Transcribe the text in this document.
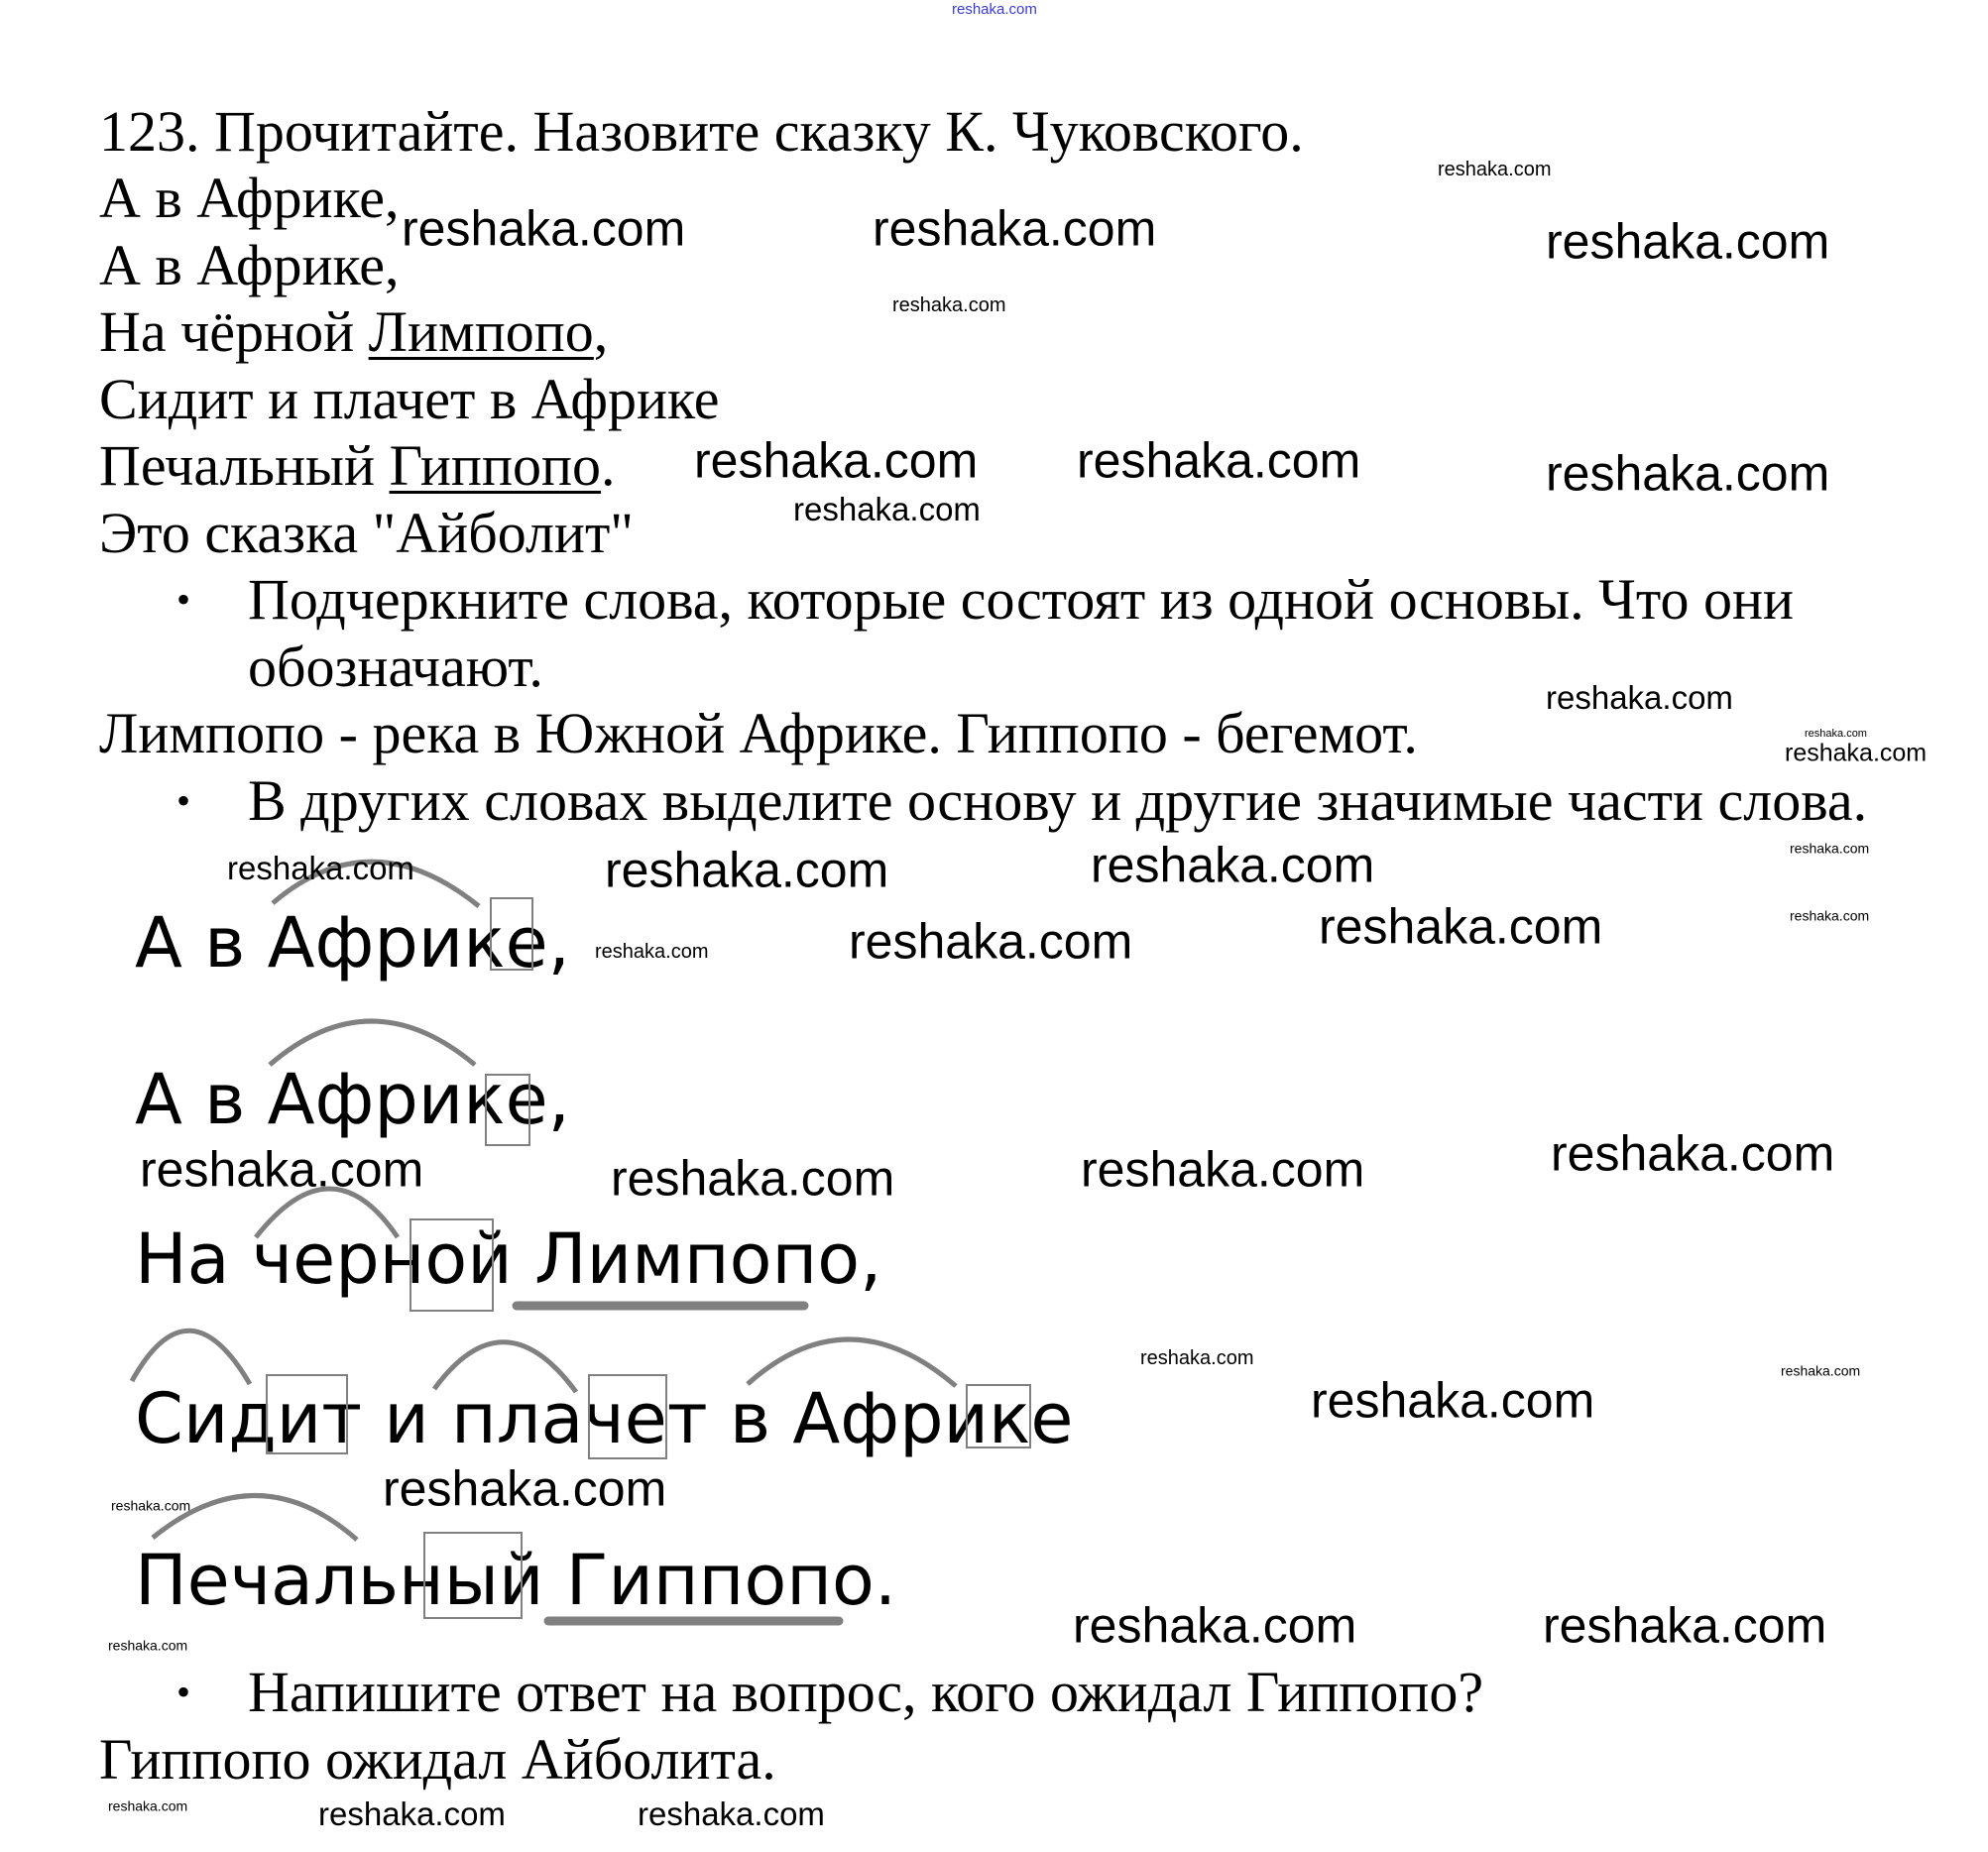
123. Прочитайте. Назовите сказку К. Чуковского.
А в Африке,
А в Африке,
На чёрной Лимпопо,
Сидит и плачет в Африке
Печальный Гиппопо.
Это сказка "Айболит"
• Подчеркните слова, которые состоят из одной основы. Что они
обозначают.
Лимпопо - река в Южной Африке. Гиппопо - бегемот.
• В других словах выделите основу и другие значимые части слова.
А в Африке,
А в Африке,
На черной Лимпопо,
Сидит и плачет в Африке
Печальный Гиппопо.
• Напишите ответ на вопрос, кого ожидал Гиппопо?
Гиппопо ожидал Айболита.
reshaka.com
reshaka.com
reshaka.com	reshaka.com	reshaka.com
reshaka.com
reshaka.com reshaka.com	reshaka.com
reshaka.com
reshaka.com
reshaka.com
reshaka.com	reshaka.com
reshaka.com
reshaka.com
reshaka.com
reshaka.com	reshaka.com	reshaka.com	reshaka.com
reshaka.com	reshaka.com	reshaka.com	reshaka.com
reshaka.com
reshaka.com
reshaka.com
reshaka.com
reshaka.com
reshaka.com	reshaka.com
reshaka.com
reshaka.com	reshaka.com	reshaka.com
